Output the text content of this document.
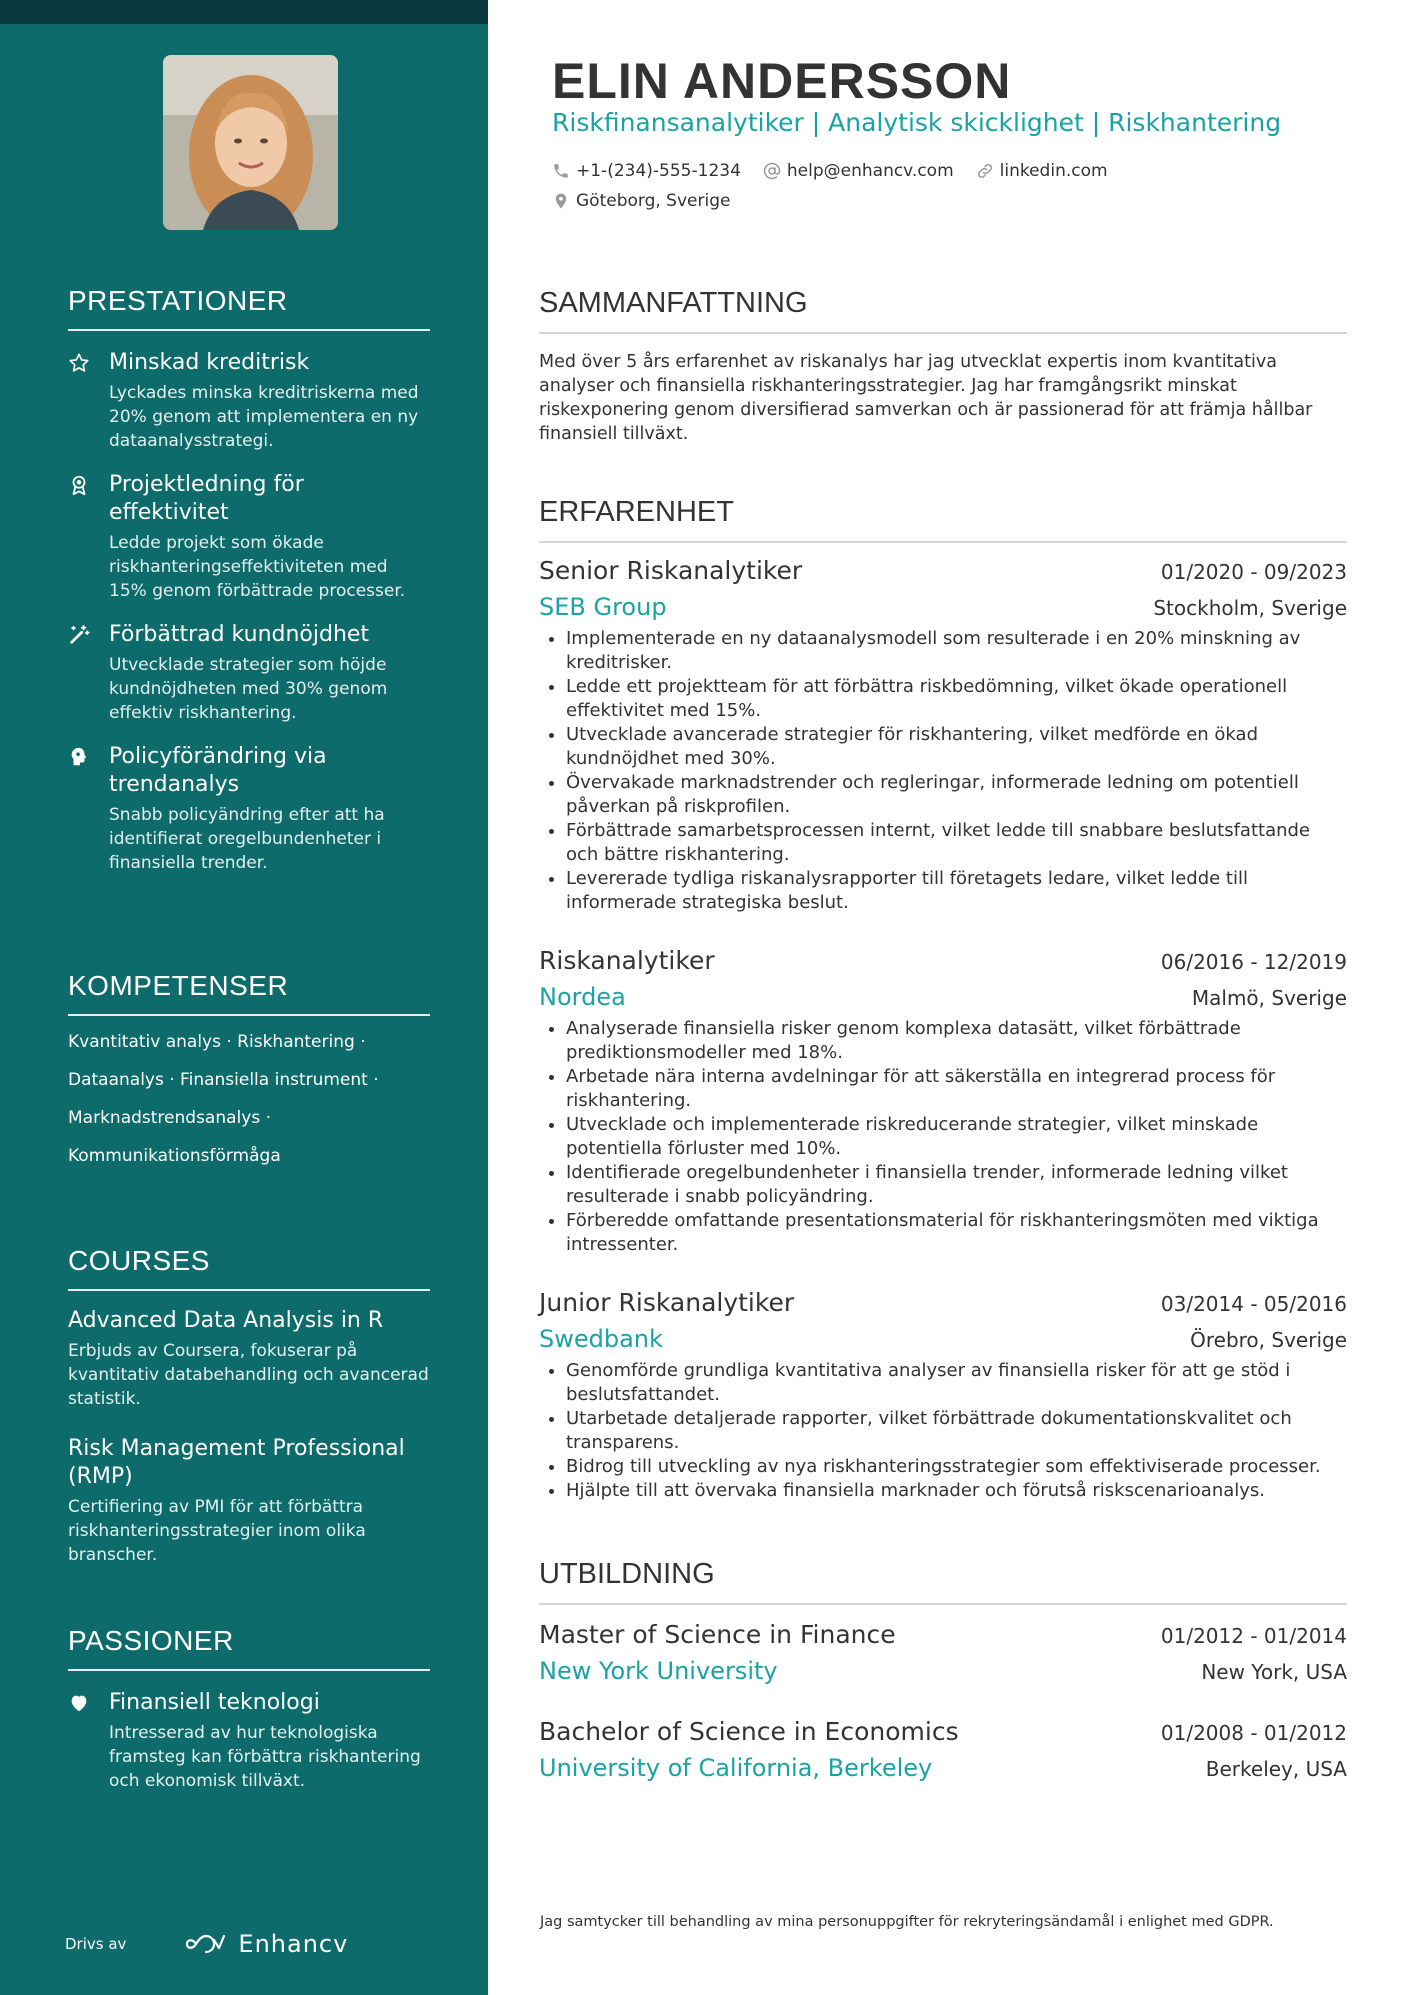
PRESTATIONER
Minskad kreditrisk
Lyckades minska kreditriskerna med 20% genom att implementera en ny dataanalysstrategi.
Projektledning för effektivitet
Ledde projekt som ökade riskhanteringseffektiviteten med 15% genom förbättrade processer.
Förbättrad kundnöjdhet
Utvecklade strategier som höjde kundnöjdheten med 30% genom effektiv riskhantering.
Policyförändring via trendanalys
Snabb policyändring efter att ha identifierat oregelbundenheter i finansiella trender.
KOMPETENSER
Kvantitativ analys · Riskhantering ·
Dataanalys · Finansiella instrument ·
Marknadstrendsanalys ·
Kommunikationsförmåga
COURSES
Advanced Data Analysis in R
Erbjuds av Coursera, fokuserar på kvantitativ databehandling och avancerad statistik.
Risk Management Professional (RMP)
Certifiering av PMI för att förbättra riskhanteringsstrategier inom olika branscher.
PASSIONER
Finansiell teknologi
Intresserad av hur teknologiska framsteg kan förbättra riskhantering och ekonomisk tillväxt.
Drivs av	Enhancv
ELIN ANDERSSON
Riskfinansanalytiker | Analytisk skicklighet | Riskhantering
+1-(234)-555-1234	help@enhancv.com	linkedin.com
Göteborg, Sverige
SAMMANFATTNING
Med över 5 års erfarenhet av riskanalys har jag utvecklat expertis inom kvantitativa analyser och finansiella riskhanteringsstrategier. Jag har framgångsrikt minskat riskexponering genom diversifierad samverkan och är passionerad för att främja hållbar finansiell tillväxt.
ERFARENHET
Senior Riskanalytiker	01/2020 - 09/2023
SEB Group	Stockholm, Sverige
• Implementerade en ny dataanalysmodell som resulterade i en 20% minskning av kreditrisker.
• Ledde ett projektteam för att förbättra riskbedömning, vilket ökade operationell effektivitet med 15%.
• Utvecklade avancerade strategier för riskhantering, vilket medförde en ökad kundnöjdhet med 30%.
• Övervakade marknadstrender och regleringar, informerade ledning om potentiell påverkan på riskprofilen.
• Förbättrade samarbetsprocessen internt, vilket ledde till snabbare beslutsfattande och bättre riskhantering.
• Levererade tydliga riskanalysrapporter till företagets ledare, vilket ledde till informerade strategiska beslut.
Riskanalytiker	06/2016 - 12/2019
Nordea	Malmö, Sverige
• Analyserade finansiella risker genom komplexa datasätt, vilket förbättrade prediktionsmodeller med 18%.
• Arbetade nära interna avdelningar för att säkerställa en integrerad process för riskhantering.
• Utvecklade och implementerade riskreducerande strategier, vilket minskade potentiella förluster med 10%.
• Identifierade oregelbundenheter i finansiella trender, informerade ledning vilket resulterade i snabb policyändring.
• Förberedde omfattande presentationsmaterial för riskhanteringsmöten med viktiga intressenter.
Junior Riskanalytiker	03/2014 - 05/2016
Swedbank	Örebro, Sverige
• Genomförde grundliga kvantitativa analyser av finansiella risker för att ge stöd i beslutsfattandet.
• Utarbetade detaljerade rapporter, vilket förbättrade dokumentationskvalitet och transparens.
• Bidrog till utveckling av nya riskhanteringsstrategier som effektiviserade processer.
• Hjälpte till att övervaka finansiella marknader och förutså riskscenarioanalys.
UTBILDNING
Master of Science in Finance	01/2012 - 01/2014
New York University	New York, USA
Bachelor of Science in Economics	01/2008 - 01/2012
University of California, Berkeley	Berkeley, USA
Jag samtycker till behandling av mina personuppgifter för rekryteringsändamål i enlighet med GDPR.
